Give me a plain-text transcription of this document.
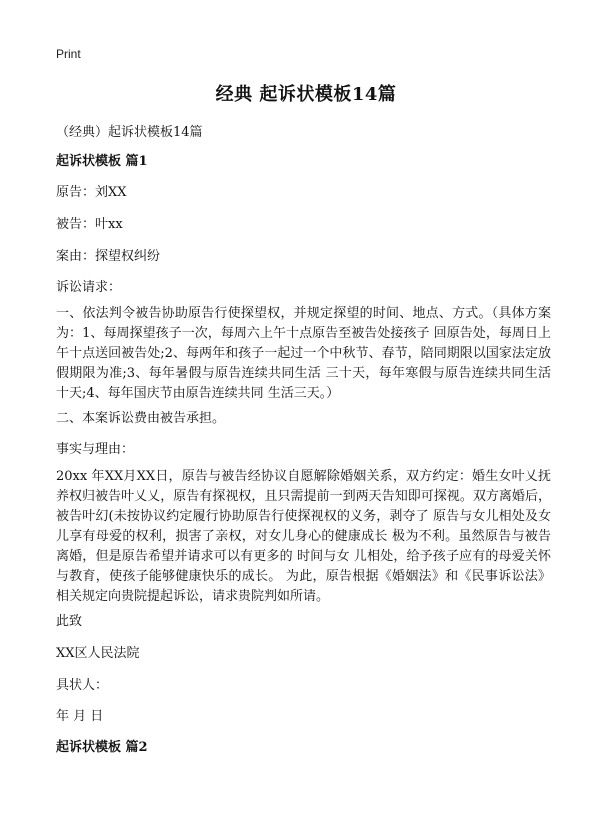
Print
经典 起诉状模板14篇
（经典）起诉状模板14篇
起诉状模板 篇1
原告：刘XX
被告：叶xx
案由：探望权纠纷
诉讼请求：
一、依法判令被告协助原告行使探望权，并规定探望的时间、地点、方式。（具体方案为：1、每周探望孩子一次，每周六上午十点原告至被告处接孩子 回原告处，每周日上午十点送回被告处;2、每两年和孩子一起过一个中秋节、春节，陪同期限以国家法定放假期限为准;3、每年暑假与原告连续共同生活 三十天，每年寒假与原告连续共同生活十天;4、每年国庆节由原告连续共同 生活三天。）
二、本案诉讼费由被告承担。
事实与理由：
20xx 年XX月XX日，原告与被告经协议自愿解除婚姻关系，双方约定：婚生女叶乂抚养权归被告叶乂乂，原告有探视权，且只需提前一到两天告知即可探视。双方离婚后，被告叶幻(未按协议约定履行协助原告行使探视权的义务，剥夺了 原告与女儿相处及女儿享有母爱的权利，损害了亲权，对女儿身心的健康成长 极为不利。虽然原告与被告离婚，但是原告希望并请求可以有更多的 时间与女 儿相处，给予孩子应有的母爱关怀与教育，使孩子能够健康快乐的成长。 为此，原告根据《婚姻法》和《民事诉讼法》相关规定向贵院提起诉讼，请求贵院判如所请。
此致
XX区人民法院
具状人：
年 月 日
起诉状模板 篇2
